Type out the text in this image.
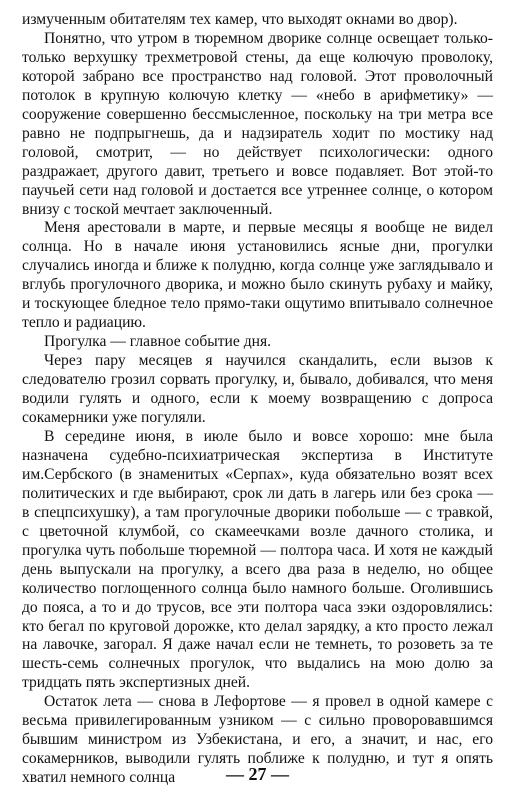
измученным обитателям тех камер, что выходят окнами во двор).

Понятно, что утром в тюремном дворике солнце освещает только-только верхушку трехметровой стены, да еще колючую проволоку, которой забрано все пространство над головой. Этот проволочный потолок в крупную колючую клетку — «небо в арифметику» — сооружение совершенно бессмысленное, поскольку на три метра все равно не подпрыгнешь, да и надзиратель ходит по мостику над головой, смотрит, — но действует психологически: одного раздражает, другого давит, третьего и вовсе подавляет. Вот этой-то паучьей сети над головой и достается все утреннее солнце, о котором внизу с тоской мечтает заключенный.

Меня арестовали в марте, и первые месяцы я вообще не видел солнца. Но в начале июня установились ясные дни, прогулки случались иногда и ближе к полудню, когда солнце уже заглядывало и вглубь прогулочного дворика, и можно было скинуть рубаху и майку, и тоскующее бледное тело прямо-таки ощутимо впитывало солнечное тепло и радиацию.

Прогулка — главное событие дня.

Через пару месяцев я научился скандалить, если вызов к следователю грозил сорвать прогулку, и, бывало, добивался, что меня водили гулять и одного, если к моему возвращению с допроса сокамерники уже погуляли.

В середине июня, в июле было и вовсе хорошо: мне была назначена судебно-психиатрическая экспертиза в Институте им.Сербского (в знаменитых «Серпах», куда обязательно возят всех политических и где выбирают, срок ли дать в лагерь или без срока — в спецпсихушку), а там прогулочные дворики побольше — с травкой, с цветочной клумбой, со скамеечками возле дачного столика, и прогулка чуть побольше тюремной — полтора часа. И хотя не каждый день выпускали на прогулку, а всего два раза в неделю, но общее количество поглощенного солнца было намного больше. Оголившись до пояса, а то и до трусов, все эти полтора часа зэки оздоровлялись: кто бегал по круговой дорожке, кто делал зарядку, а кто просто лежал на лавочке, загорал. Я даже начал если не темнеть, то розоветь за те шесть-семь солнечных прогулок, что выдались на мою долю за тридцать пять экспертизных дней.

Остаток лета — снова в Лефортове — я провел в одной камере с весьма привилегированным узником — с сильно проворовавшимся бывшим министром из Узбекистана, и его, а значит, и нас, его сокамерников, выводили гулять поближе к полудню, и тут я опять хватил немного солнца	— 27 —
